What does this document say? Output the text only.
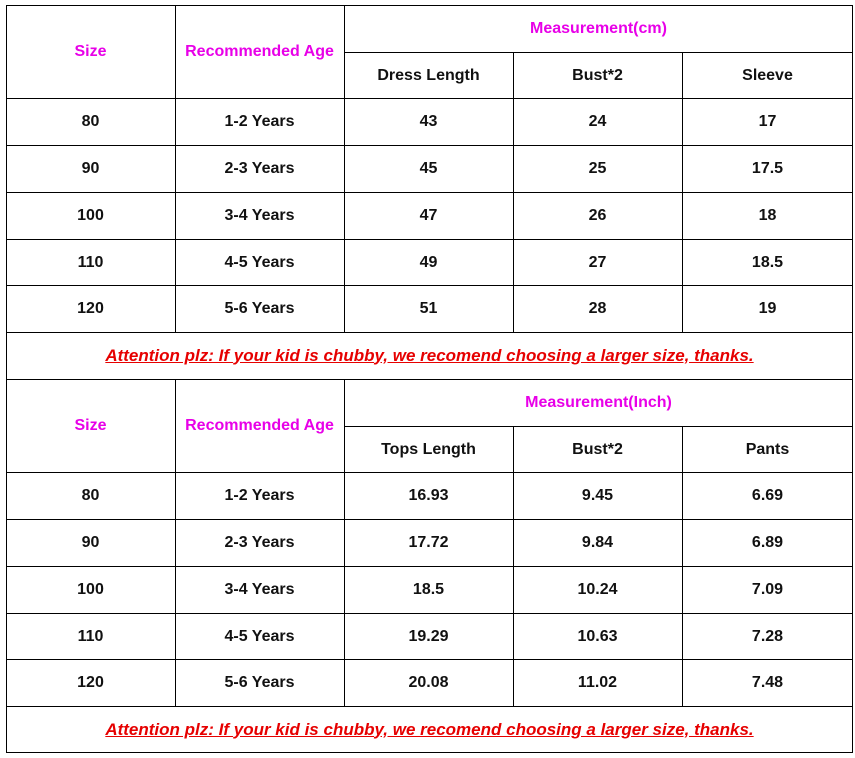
Size	Recommended Age
Measurement(cm)
Dress Length	Bust*2	Sleeve
80	1-2 Years	43	24	17
90	2-3 Years	45	25	17.5
100	3-4 Years	47	26	18
110	4-5 Years	49	27	18.5
120	5-6 Years	51	28	19
Attention plz: If your kid is chubby, we recomend choosing a larger size, thanks.
Size	Recommended Age
Measurement(Inch)
Tops Length	Bust*2	Pants
80	1-2 Years	16.93	9.45	6.69
90	2-3 Years	17.72	9.84	6.89
100	3-4 Years	18.5	10.24	7.09
110	4-5 Years	19.29	10.63	7.28
120	5-6 Years	20.08	11.02	7.48
Attention plz: If your kid is chubby, we recomend choosing a larger size, thanks.
